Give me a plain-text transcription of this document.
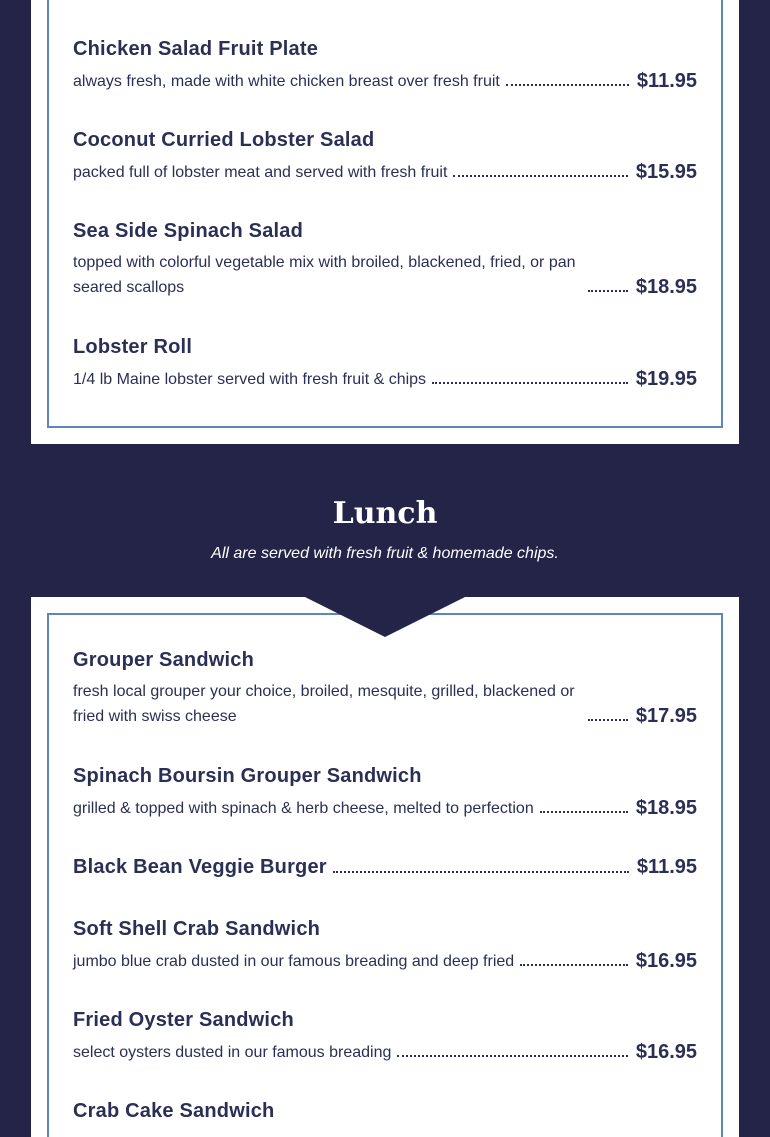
Chicken Salad Fruit Plate
always fresh, made with white chicken breast over fresh fruit	$11.95
Coconut Curried Lobster Salad
packed full of lobster meat and served with fresh fruit	$15.95
Sea Side Spinach Salad
topped with colorful vegetable mix with broiled, blackened, fried, or pan seared scallops	$18.95
Lobster Roll
1/4 lb Maine lobster served with fresh fruit & chips	$19.95
Lunch
All are served with fresh fruit & homemade chips.
Grouper Sandwich
fresh local grouper your choice, broiled, mesquite, grilled, blackened or fried with swiss cheese	$17.95
Spinach Boursin Grouper Sandwich
grilled & topped with spinach & herb cheese, melted to perfection	$18.95
Black Bean Veggie Burger	$11.95
Soft Shell Crab Sandwich
jumbo blue crab dusted in our famous breading and deep fried	$16.95
Fried Oyster Sandwich
select oysters dusted in our famous breading	$16.95
Crab Cake Sandwich
